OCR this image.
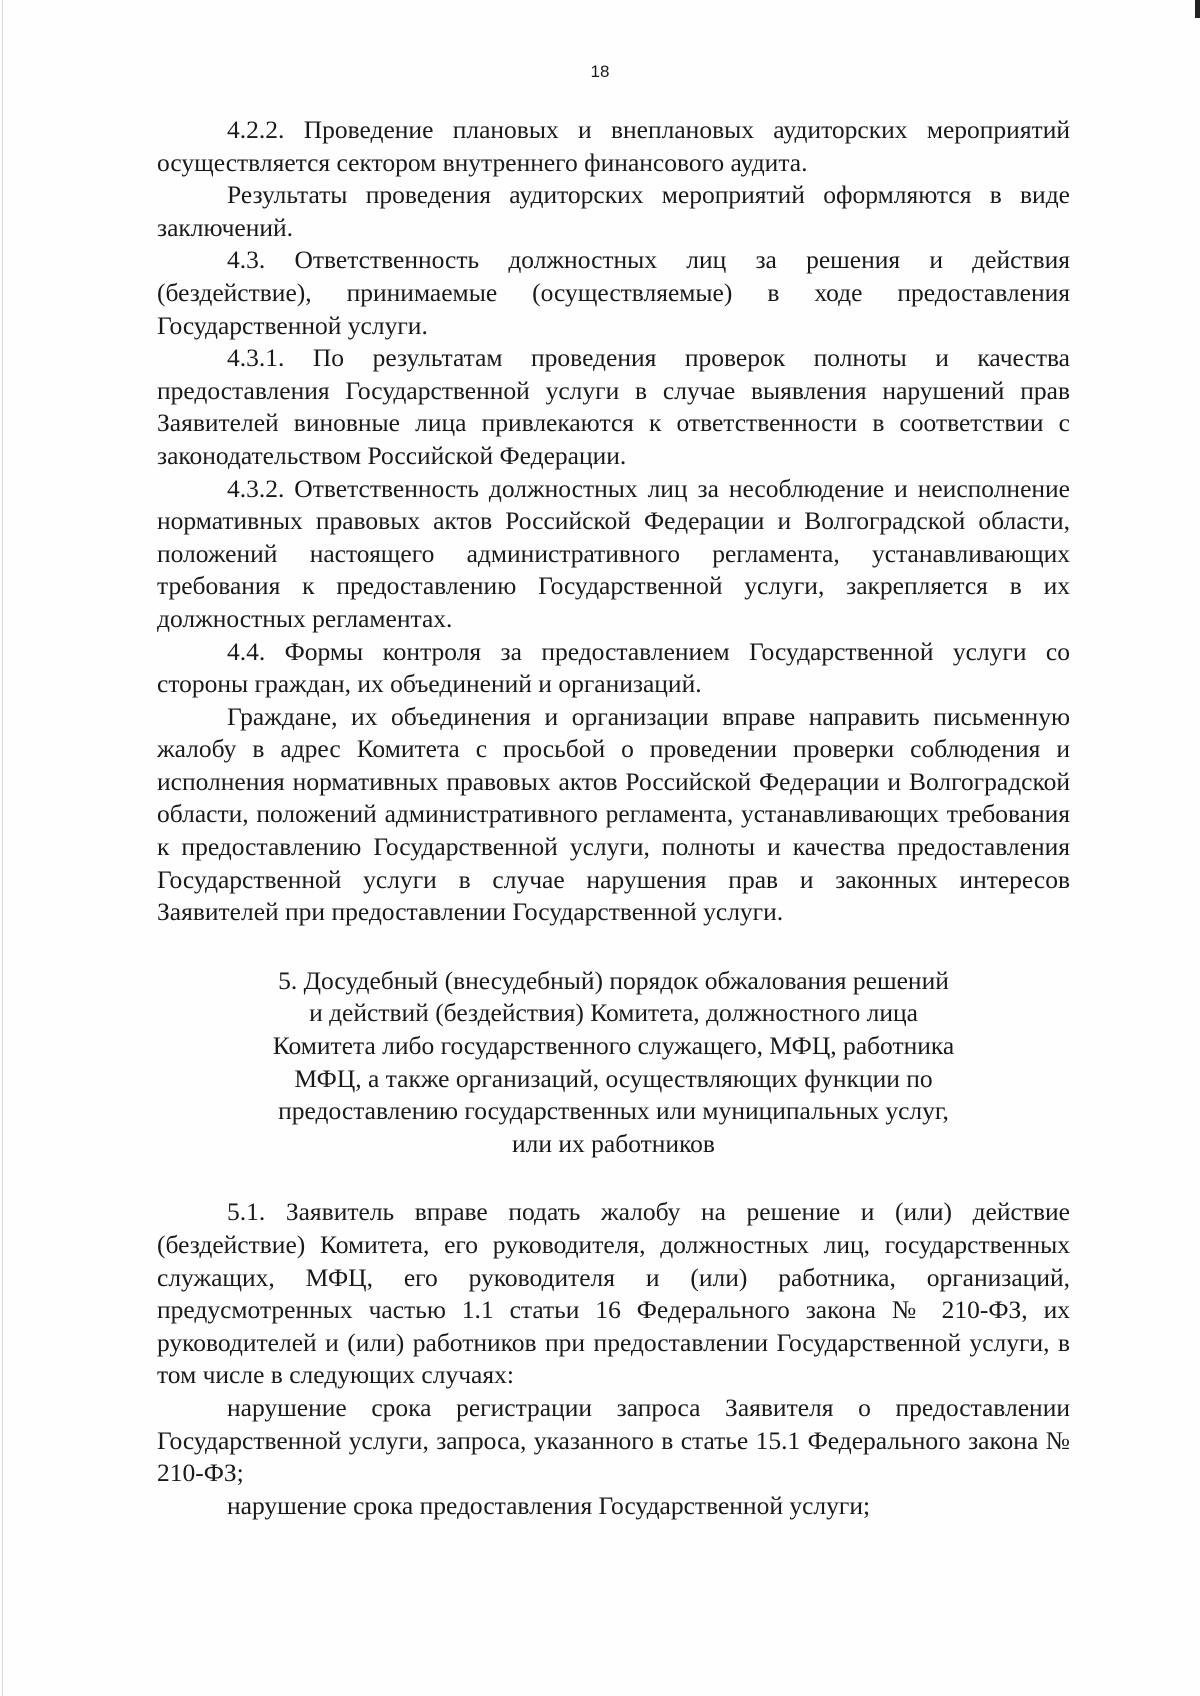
18

4.2.2. Проведение плановых и внеплановых аудиторских мероприятий осуществляется сектором внутреннего финансового аудита.

Результаты проведения аудиторских мероприятий оформляются в виде заключений.

4.3. Ответственность должностных лиц за решения и действия (бездействие), принимаемые (осуществляемые) в ходе предоставления Государственной услуги.

4.3.1. По результатам проведения проверок полноты и качества предоставления Государственной услуги в случае выявления нарушений прав Заявителей виновные лица привлекаются к ответственности в соответствии с законодательством Российской Федерации.

4.3.2. Ответственность должностных лиц за несоблюдение и неисполнение нормативных правовых актов Российской Федерации и Волгоградской области, положений настоящего административного регламента, устанавливающих требования к предоставлению Государственной услуги, закрепляется в их должностных регламентах.

4.4. Формы контроля за предоставлением Государственной услуги со стороны граждан, их объединений и организаций.

Граждане, их объединения и организации вправе направить письменную жалобу в адрес Комитета с просьбой о проведении проверки соблюдения и исполнения нормативных правовых актов Российской Федерации и Волгоградской области, положений административного регламента, устанавливающих требования к предоставлению Государственной услуги, полноты и качества предоставления Государственной услуги в случае нарушения прав и законных интересов Заявителей при предоставлении Государственной услуги.

5. Досудебный (внесудебный) порядок обжалования решений
и действий (бездействия) Комитета, должностного лица
Комитета либо государственного служащего, МФЦ, работника
МФЦ, а также организаций, осуществляющих функции по
предоставлению государственных или муниципальных услуг,
или их работников

5.1. Заявитель вправе подать жалобу на решение и (или) действие (бездействие) Комитета, его руководителя, должностных лиц, государственных служащих, МФЦ, его руководителя и (или) работника, организаций, предусмотренных частью 1.1 статьи 16 Федерального закона № 210-ФЗ, их руководителей и (или) работников при предоставлении Государственной услуги, в том числе в следующих случаях:

нарушение срока регистрации запроса Заявителя о предоставлении Государственной услуги, запроса, указанного в статье 15.1 Федерального закона № 210-ФЗ;

нарушение срока предоставления Государственной услуги;
